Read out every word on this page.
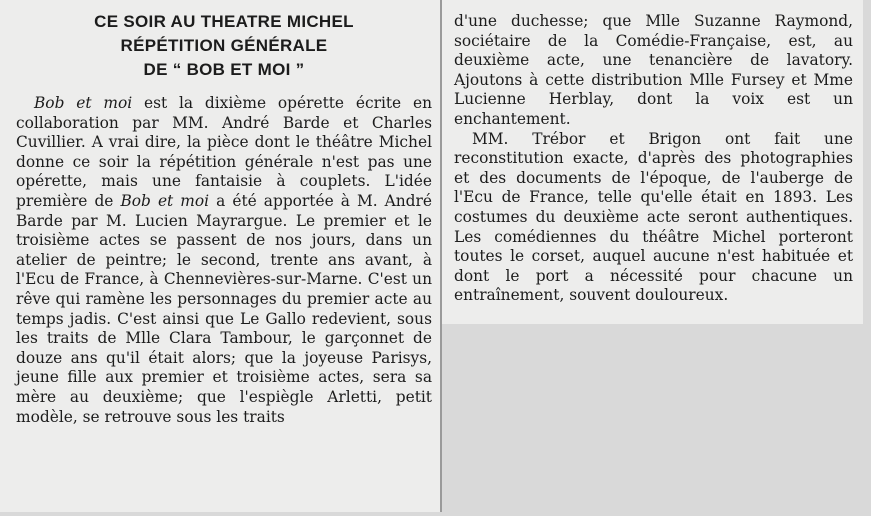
CE SOIR AU THEATRE MICHEL
RÉPÉTITION GÉNÉRALE
DE “ BOB ET MOI ”

Bob et moi est la dixième opérette écrite en collaboration par MM. André Barde et Charles Cuvillier. A vrai dire, la pièce dont le théâtre Michel donne ce soir la répétition générale n'est pas une opérette, mais une fantaisie à couplets. L'idée première de Bob et moi a été apportée à M. André Barde par M. Lucien Mayrargue. Le premier et le troisième actes se passent de nos jours, dans un atelier de peintre; le second, trente ans avant, à l'Ecu de France, à Chennevières-sur-Marne. C'est un rêve qui ramène les personnages du premier acte au temps jadis. C'est ainsi que Le Gallo redevient, sous les traits de Mlle Clara Tambour, le garçonnet de douze ans qu'il était alors; que la joyeuse Parisys, jeune fille aux premier et troisième actes, sera sa mère au deuxième; que l'espiègle Arletti, petit modèle, se retrouve sous les traits

d'une duchesse; que Mlle Suzanne Raymond, sociétaire de la Comédie-Française, est, au deuxième acte, une tenancière de lavatory. Ajoutons à cette distribution Mlle Fursey et Mme Lucienne Herblay, dont la voix est un enchantement.

MM. Trébor et Brigon ont fait une reconstitution exacte, d'après des photographies et des documents de l'époque, de l'auberge de l'Ecu de France, telle qu'elle était en 1893. Les costumes du deuxième acte seront authentiques. Les comédiennes du théâtre Michel porteront toutes le corset, auquel aucune n'est habituée et dont le port a nécessité pour chacune un entraînement, souvent douloureux.
